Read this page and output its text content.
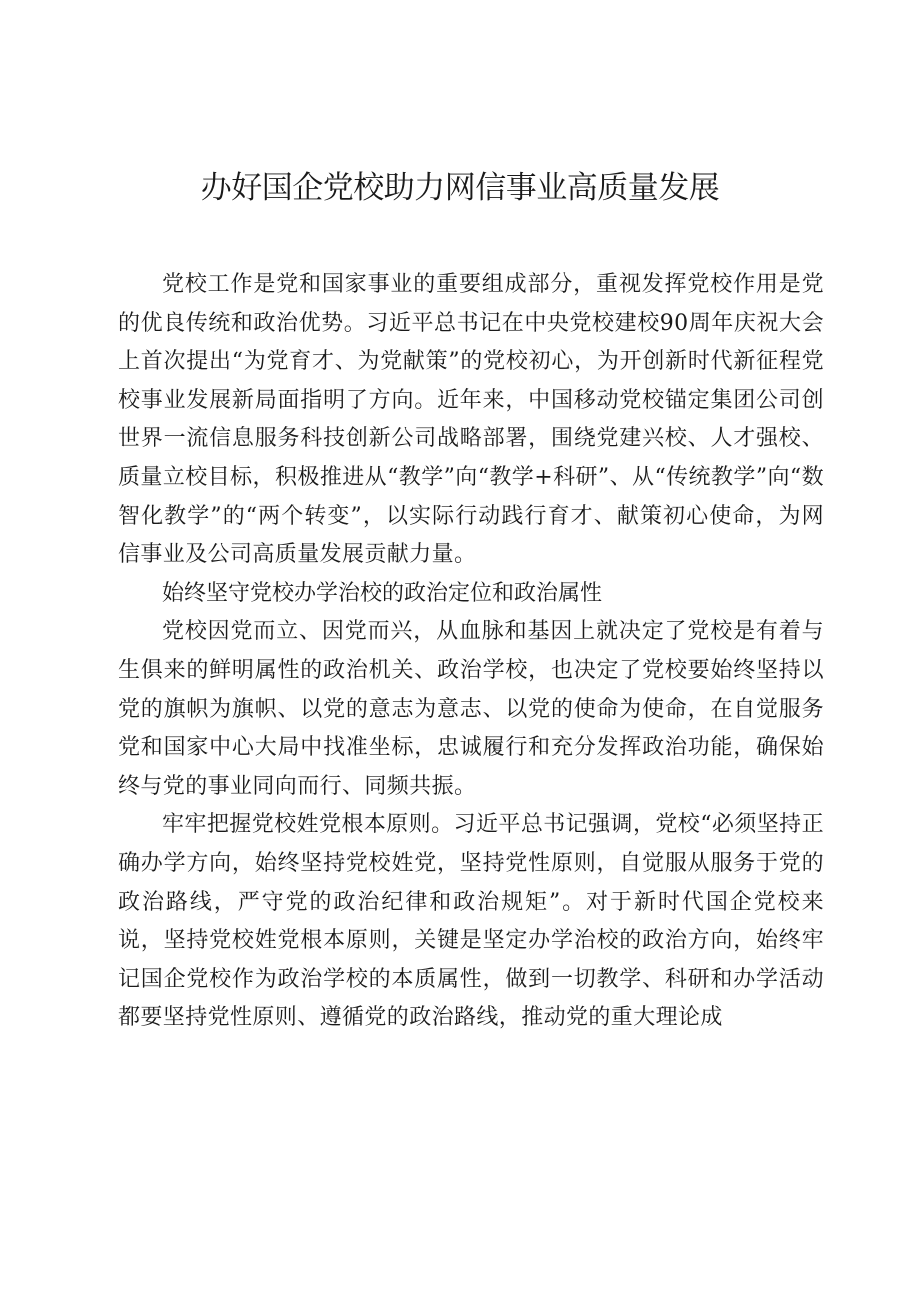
办好国企党校助力网信事业高质量发展

党校工作是党和国家事业的重要组成部分，重视发挥党校作用是党的优良传统和政治优势。习近平总书记在中央党校建校90周年庆祝大会上首次提出“为党育才、为党献策”的党校初心，为开创新时代新征程党校事业发展新局面指明了方向。近年来，中国移动党校锚定集团公司创世界一流信息服务科技创新公司战略部署，围绕党建兴校、人才强校、质量立校目标，积极推进从“教学”向“教学+科研”、从“传统教学”向“数智化教学”的“两个转变”，以实际行动践行育才、献策初心使命，为网信事业及公司高质量发展贡献力量。

始终坚守党校办学治校的政治定位和政治属性

党校因党而立、因党而兴，从血脉和基因上就决定了党校是有着与生俱来的鲜明属性的政治机关、政治学校，也决定了党校要始终坚持以党的旗帜为旗帜、以党的意志为意志、以党的使命为使命，在自觉服务党和国家中心大局中找准坐标，忠诚履行和充分发挥政治功能，确保始终与党的事业同向而行、同频共振。

牢牢把握党校姓党根本原则。习近平总书记强调，党校“必须坚持正确办学方向，始终坚持党校姓党，坚持党性原则，自觉服从服务于党的政治路线，严守党的政治纪律和政治规矩”。对于新时代国企党校来说，坚持党校姓党根本原则，关键是坚定办学治校的政治方向，始终牢记国企党校作为政治学校的本质属性，做到一切教学、科研和办学活动都要坚持党性原则、遵循党的政治路线，推动党的重大理论成
